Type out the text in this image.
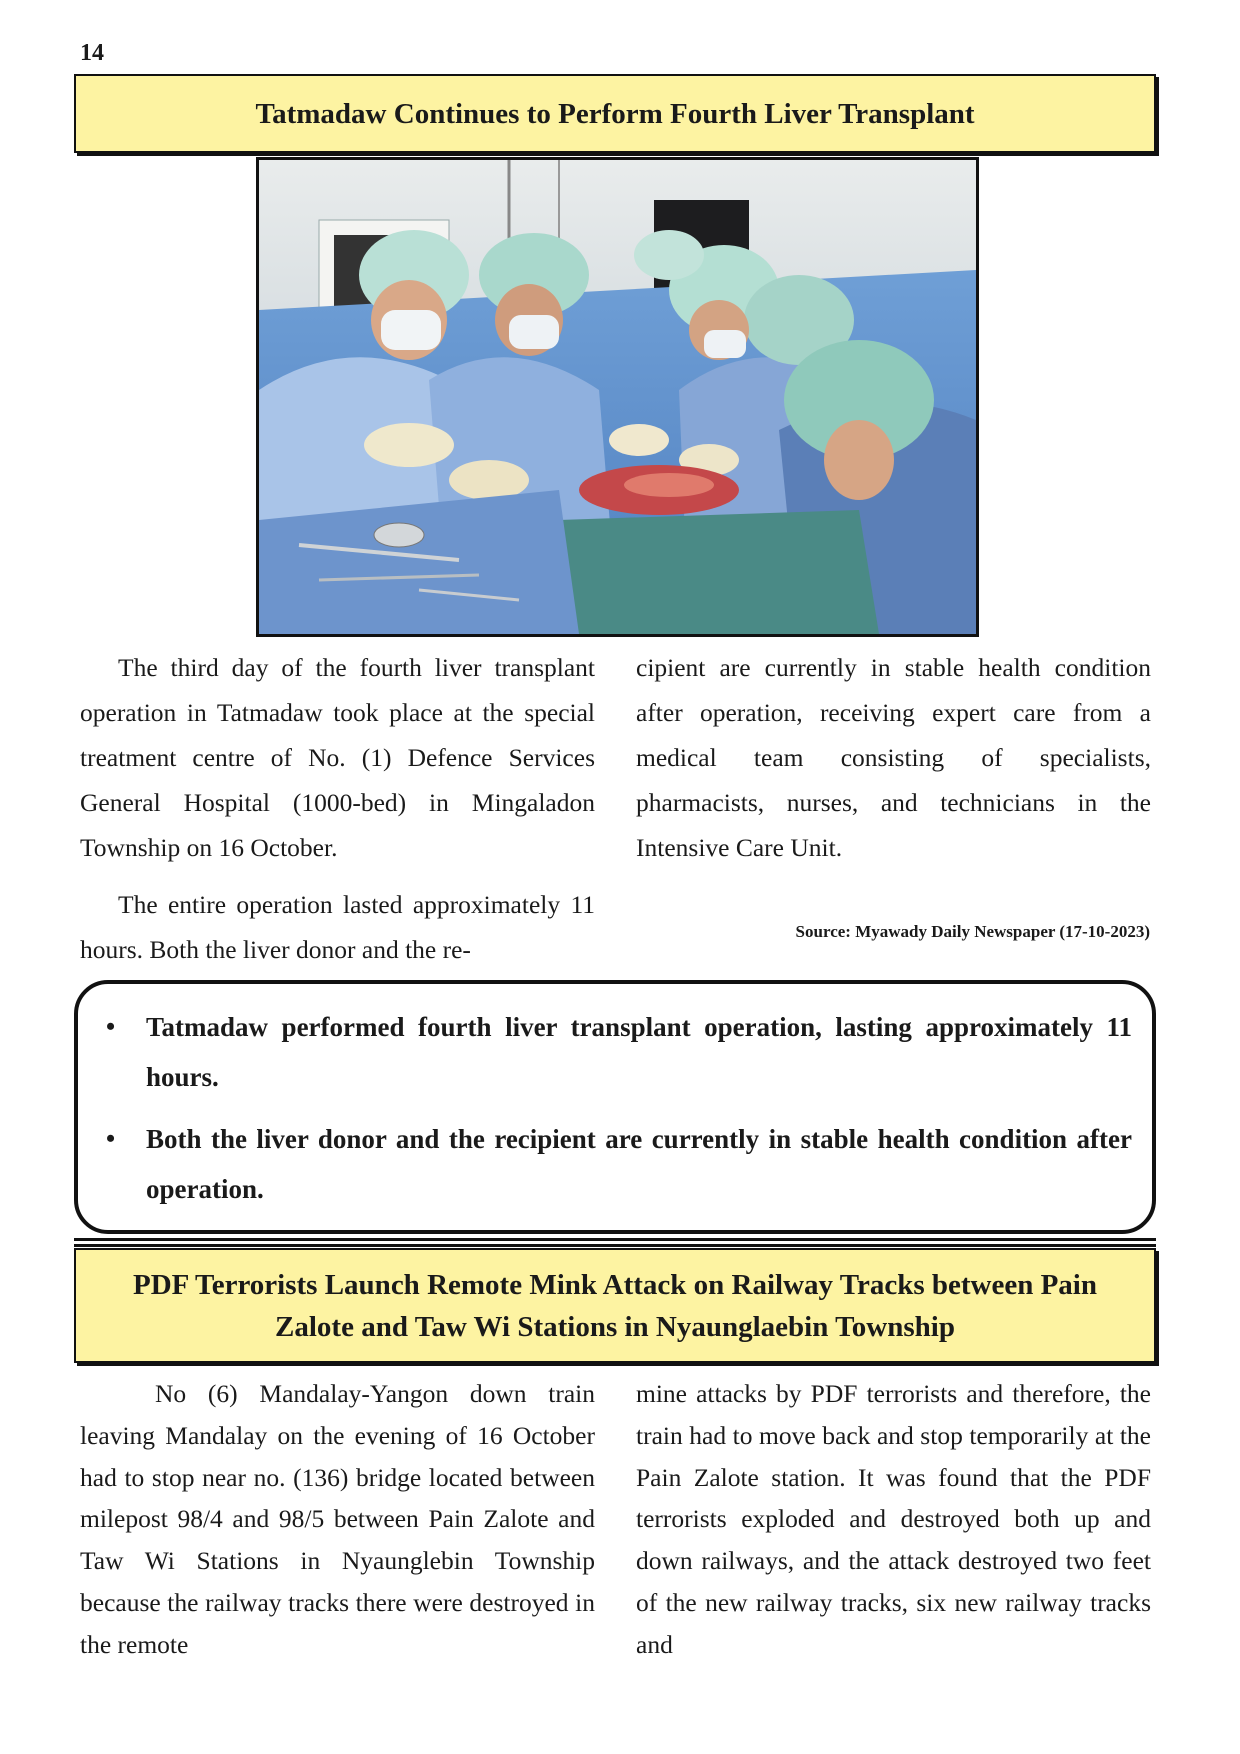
14
Tatmadaw Continues to Perform Fourth Liver Transplant

The third day of the fourth liver transplant operation in Tatmadaw took place at the special treatment centre of No. (1) Defence Services General Hospital (1000-bed) in Mingaladon Township on 16 October.

The entire operation lasted approximately 11 hours. Both the liver donor and the re-

cipient are currently in stable health condition after operation, receiving expert care from a medical team consisting of specialists, pharmacists, nurses, and technicians in the Intensive Care Unit.

Source: Myawady Daily Newspaper (17-10-2023)
• Tatmadaw performed fourth liver transplant operation, lasting approximately 11 hours.
• Both the liver donor and the recipient are currently in stable health condition after operation.
PDF Terrorists Launch Remote Mink Attack on Railway Tracks between Pain Zalote and Taw Wi Stations in Nyaunglaebin Township

No (6) Mandalay-Yangon down train leaving Mandalay on the evening of 16 October had to stop near no. (136) bridge located between milepost 98/4 and 98/5 between Pain Zalote and Taw Wi Stations in Nyaunglebin Township because the railway tracks there were destroyed in the remote

mine attacks by PDF terrorists and therefore, the train had to move back and stop temporarily at the Pain Zalote station. It was found that the PDF terrorists exploded and destroyed both up and down railways, and the attack destroyed two feet of the new railway tracks, six new railway tracks and
